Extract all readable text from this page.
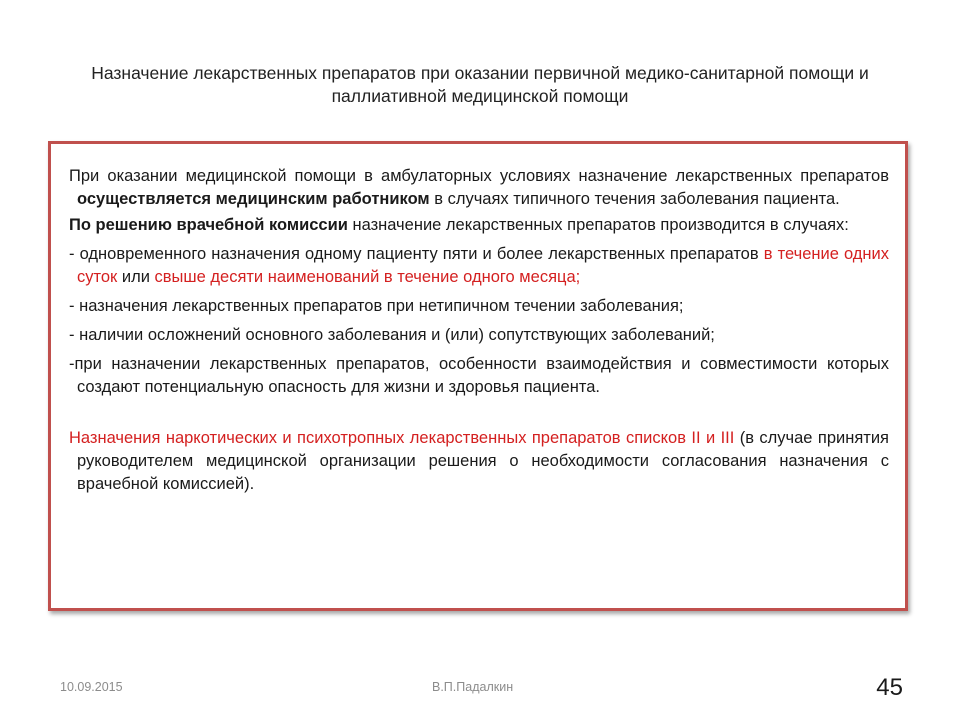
Назначение лекарственных препаратов при оказании первичной медико-санитарной помощи и паллиативной медицинской помощи

При оказании медицинской помощи в амбулаторных условиях назначение лекарственных препаратов осуществляется медицинским работником в случаях типичного течения заболевания пациента.

По решению врачебной комиссии назначение лекарственных препаратов производится в случаях:

- одновременного назначения одному пациенту пяти и более лекарственных препаратов в течение одних суток или свыше десяти наименований в течение одного месяца;

- назначения лекарственных препаратов при нетипичном течении заболевания;

- наличии осложнений основного заболевания и (или) сопутствующих заболеваний;

-при назначении лекарственных препаратов, особенности взаимодействия и совместимости которых создают потенциальную опасность для жизни и здоровья пациента.

Назначения наркотических и психотропных лекарственных препаратов списков II и III (в случае принятия руководителем медицинской организации решения о необходимости согласования назначения с врачебной комиссией).

10.09.2015	В.П.Падалкин	45
